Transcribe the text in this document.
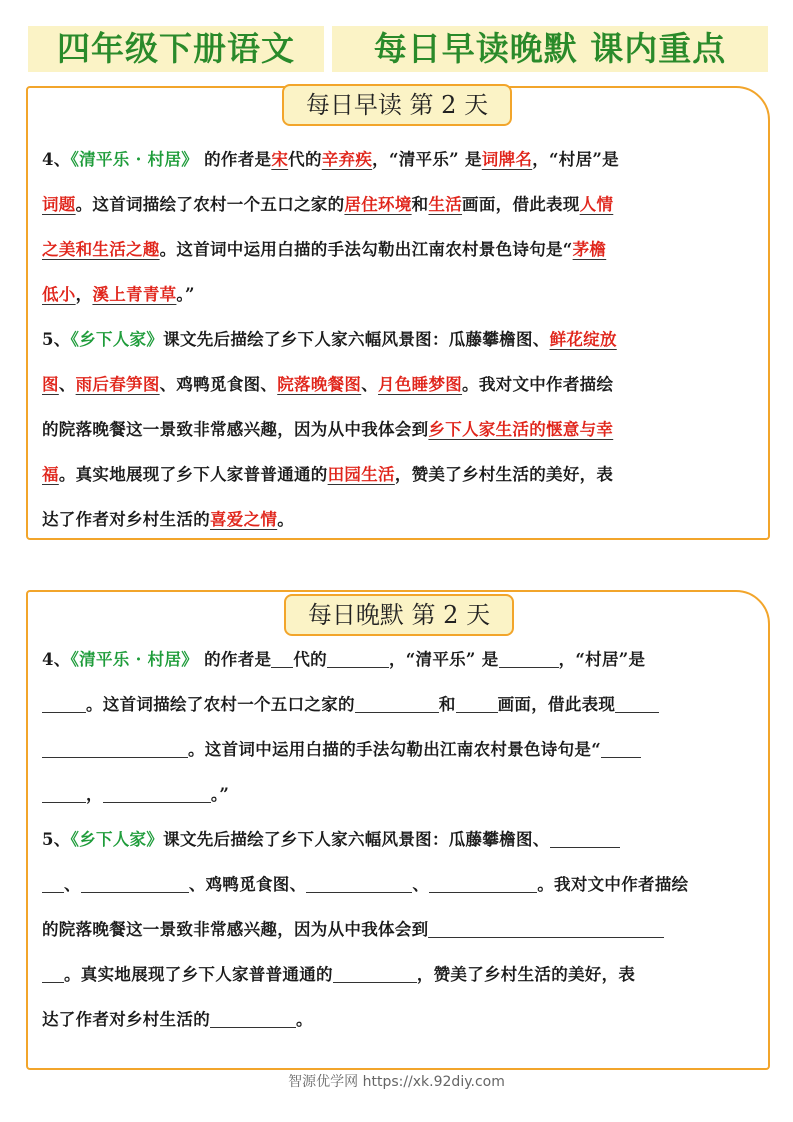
四年级下册语文	每日早读晚默 课内重点
每日早读 第 2 天
4、《清平乐 · 村居》 的作者是宋代的辛弃疾，“清平乐” 是词牌名，“村居”是
词题。这首词描绘了农村一个五口之家的居住环境和生活画面，借此表现人情
之美和生活之趣。这首词中运用白描的手法勾勒出江南农村景色诗句是“茅檐
低小，溪上青青草。”
5、《乡下人家》课文先后描绘了乡下人家六幅风景图：瓜藤攀檐图、鲜花绽放
图、雨后春笋图、鸡鸭觅食图、院落晚餐图、月色睡梦图。我对文中作者描绘
的院落晚餐这一景致非常感兴趣，因为从中我体会到乡下人家生活的惬意与幸
福。真实地展现了乡下人家普普通通的田园生活，赞美了乡村生活的美好，表
达了作者对乡村生活的喜爱之情。
每日晚默 第 2 天
4、《清平乐 · 村居》 的作者是 代的	，“清平乐” 是	，“村居”是
。这首词描绘了农村一个五口之家的	和	画面，借此表现
。这首词中运用白描的手法勾勒出江南农村景色诗句是“
，	。”
5、《乡下人家》课文先后描绘了乡下人家六幅风景图：瓜藤攀檐图、
、	、鸡鸭觅食图、	、	。我对文中作者描绘
的院落晚餐这一景致非常感兴趣，因为从中我体会到
。真实地展现了乡下人家普普通通的	，赞美了乡村生活的美好，表
达了作者对乡村生活的	。
智源优学网 https://xk.92diy.com
